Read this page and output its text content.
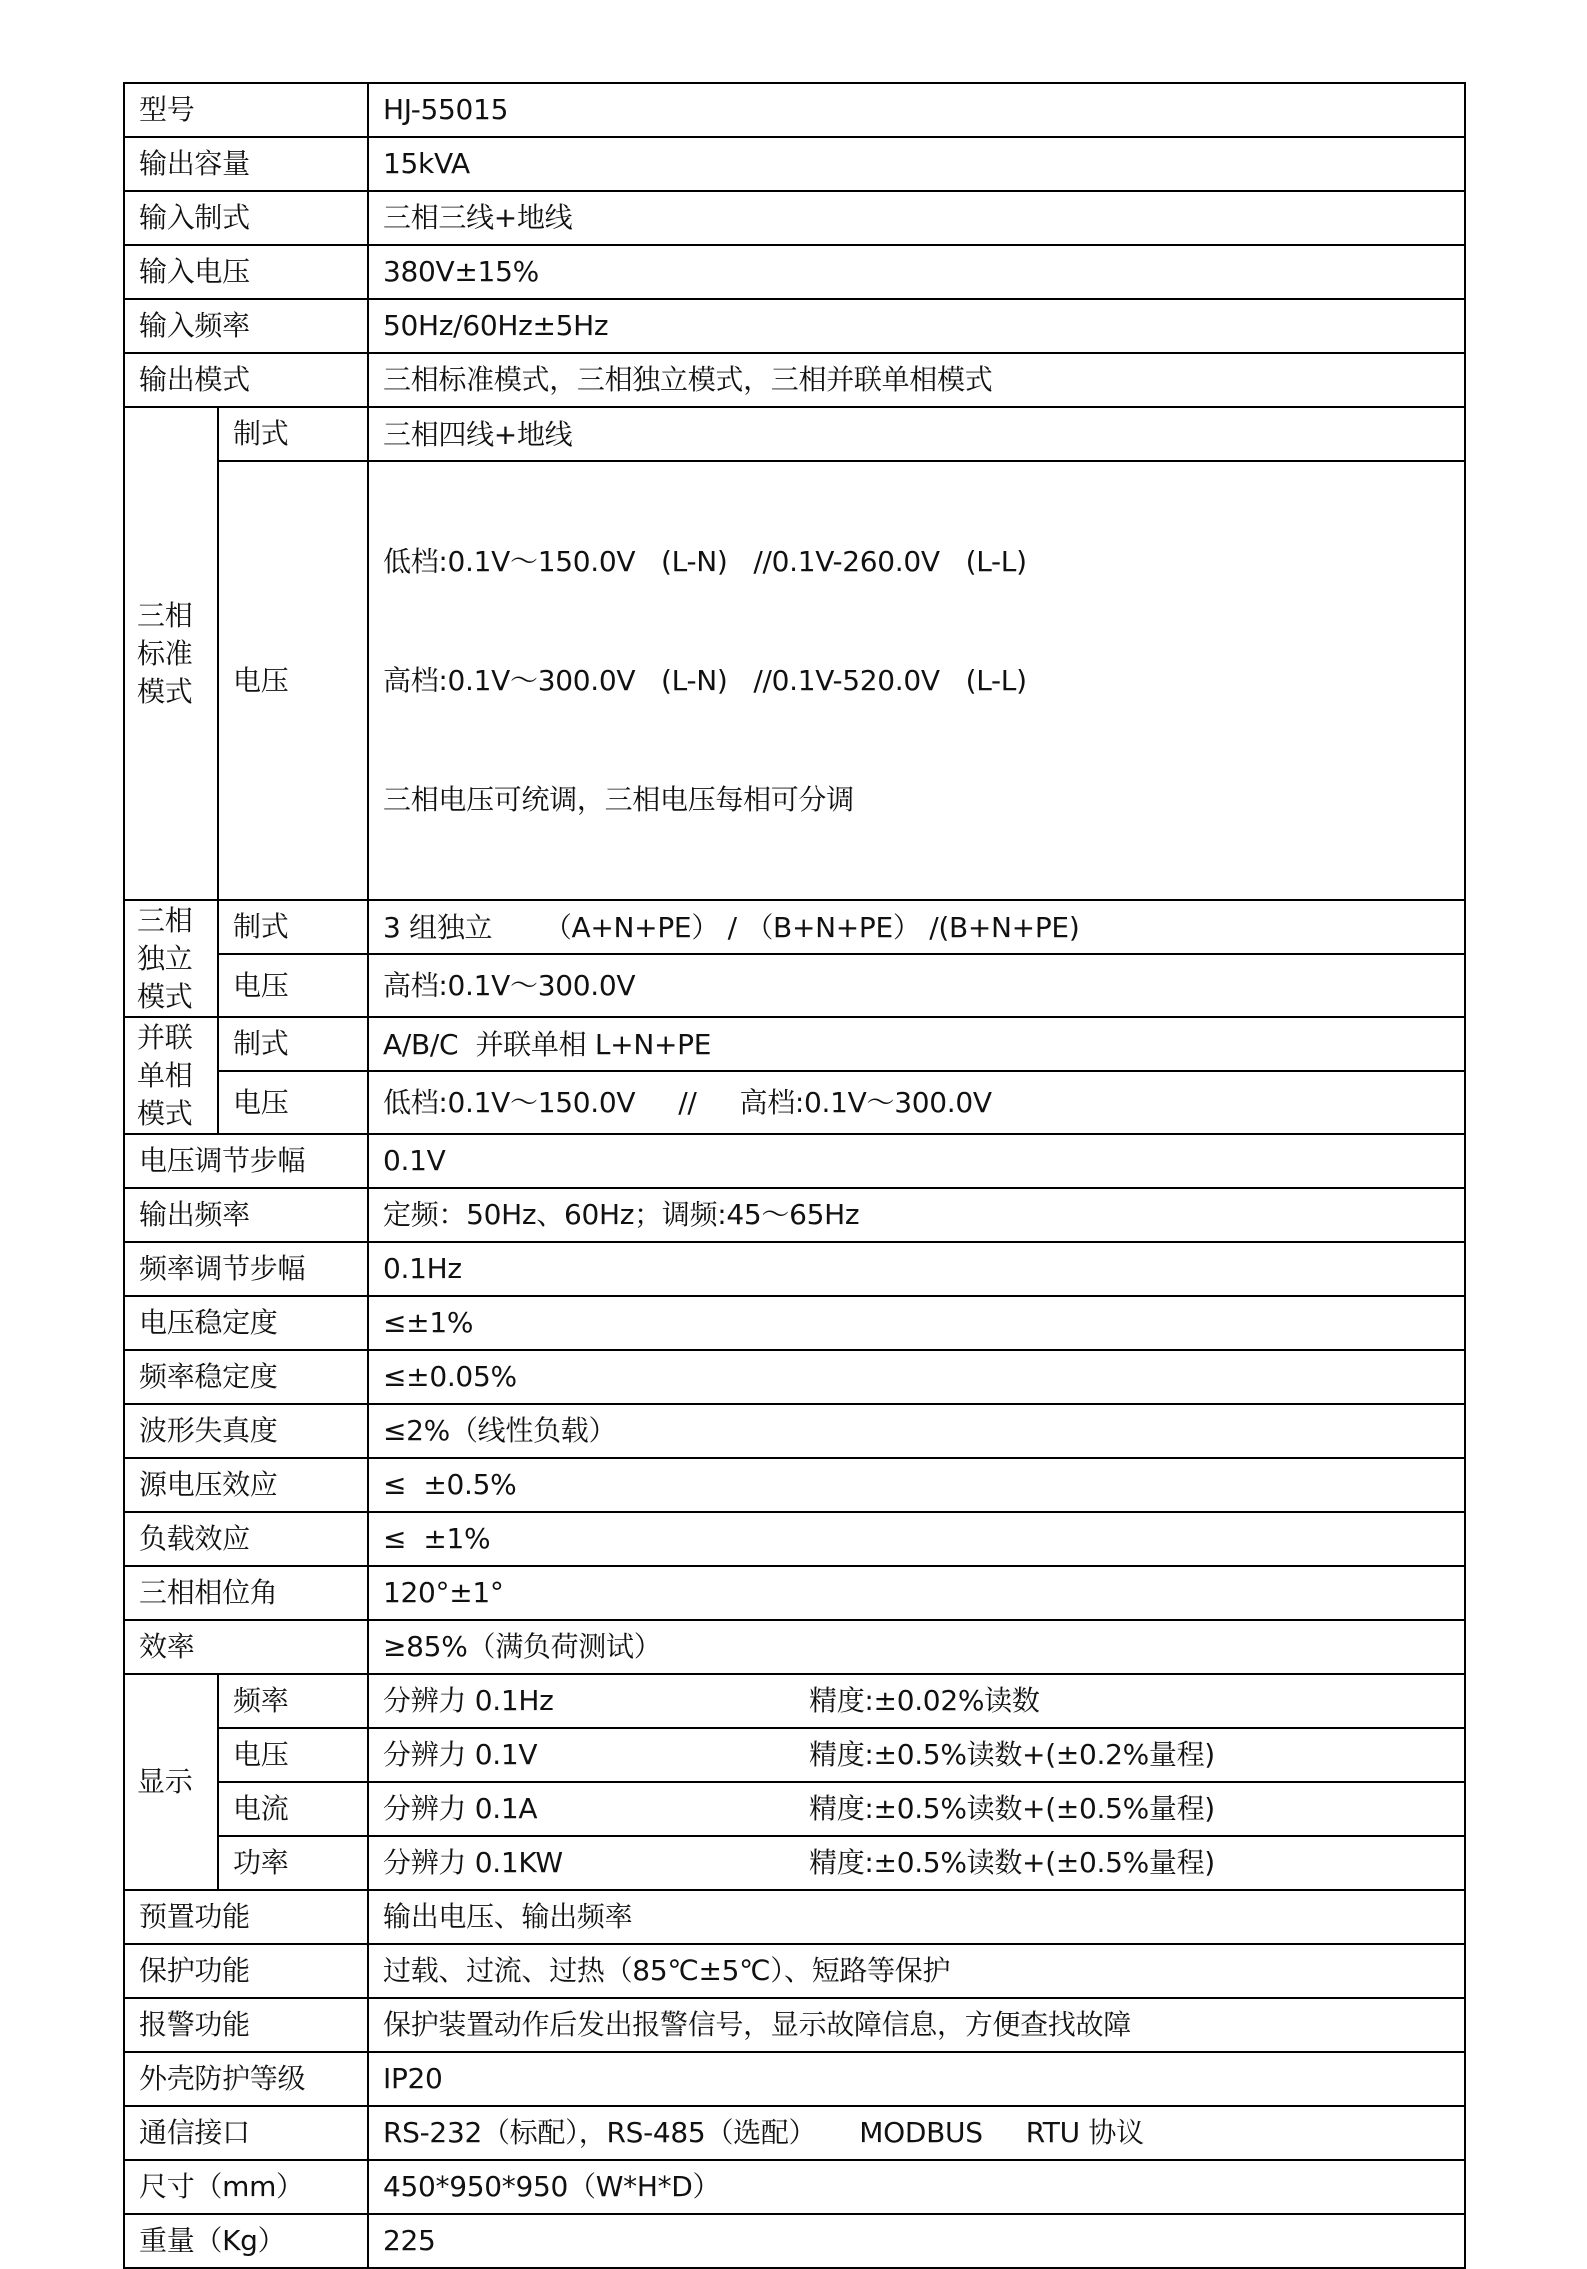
型号		HJ-55015
输出容量		15kVA
输入制式		三相三线+地线
输入电压		380V±15%
输入频率		50Hz/60Hz±5Hz
输出模式		三相标准模式，三相独立模式，三相并联单相模式

三相标准模式	制式	三相四线+地线

	电压	低档:0.1V～150.0V   (L-N)   //0.1V-260.0V   (L-L)

高档:0.1V～300.0V   (L-N)   //0.1V-520.0V   (L-L)

三相电压可统调，三相电压每相可分调

三相独立模式	制式	3 组独立      （A+N+PE） / （B+N+PE） /(B+N+PE)

	电压	高档:0.1V～300.0V

并联单相模式	制式	A/B/C  并联单相 L+N+PE

	电压	低档:0.1V～150.0V     //     高档:0.1V～300.0V

电压调节步幅		0.1V
输出频率		定频：50Hz、60Hz；调频:45～65Hz
频率调节步幅		0.1Hz
电压稳定度		≤±1%
频率稳定度		≤±0.05%
波形失真度		≤2%（线性负载）
源电压效应		≤  ±0.5%
负载效应		≤  ±1%
三相相位角		120°±1°
效率		≥85%（满负荷测试）

显示	频率	分辨力 0.1Hz 精度:±0.02%读数
	电压	分辨力 0.1V 精度:±0.5%读数+(±0.2%量程)
	电流	分辨力 0.1A 精度:±0.5%读数+(±0.5%量程)
	功率	分辨力 0.1KW 精度:±0.5%读数+(±0.5%量程)
预置功能		输出电压、输出频率
保护功能		过载、过流、过热（85℃±5℃）、短路等保护
报警功能		保护装置动作后发出报警信号，显示故障信息，方便查找故障
外壳防护等级		IP20
通信接口		RS-232（标配），RS-485（选配）     MODBUS     RTU 协议
尺寸（mm）		450*950*950（W*H*D）
重量（Kg）		225
